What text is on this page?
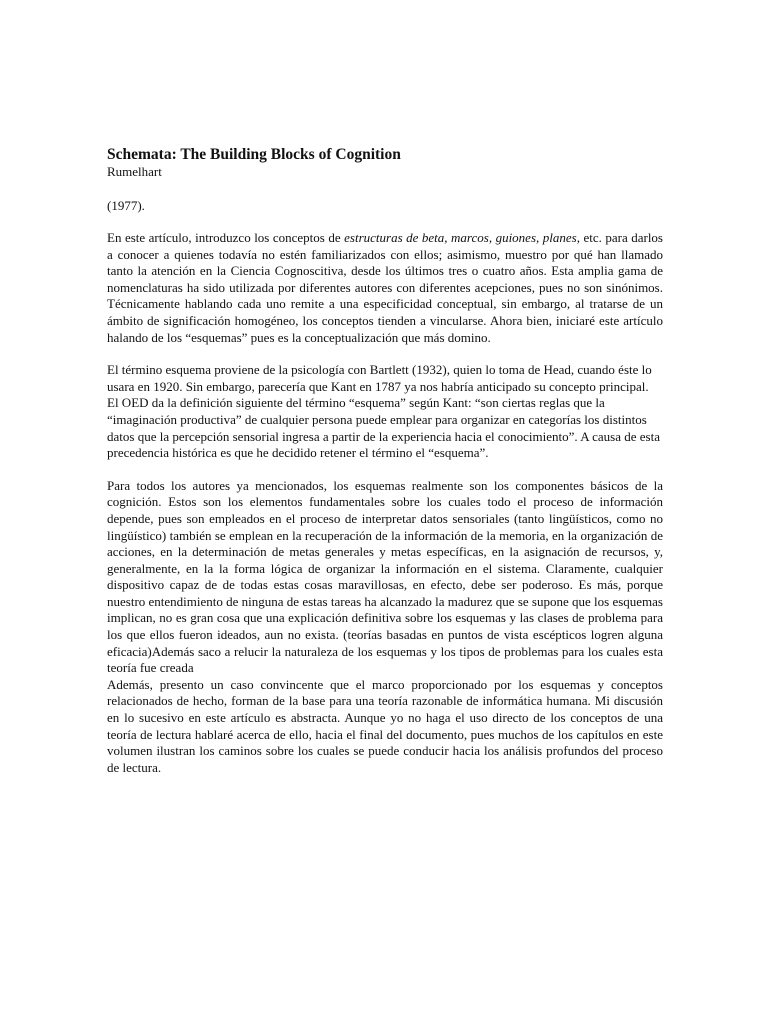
Schemata: The Building Blocks of Cognition
Rumelhart
(1977).

En este artículo, introduzco los conceptos de estructuras de beta, marcos, guiones, planes, etc. para darlos a conocer a quienes todavía no estén familiarizados con ellos; asimismo, muestro por qué han llamado tanto la atención en la Ciencia Cognoscitiva, desde los últimos tres o cuatro años. Esta amplia gama de nomenclaturas ha sido utilizada por diferentes autores con diferentes acepciones, pues no son sinónimos. Técnicamente hablando cada uno remite a una especificidad conceptual, sin embargo, al tratarse de un ámbito de significación homogéneo, los conceptos tienden a vincularse. Ahora bien, iniciaré este artículo halando de los “esquemas” pues es la conceptualización que más domino.

El término esquema proviene de la psicología con Bartlett (1932), quien lo toma de Head, cuando éste lo usara en 1920. Sin embargo, parecería que Kant en 1787 ya nos habría anticipado su concepto principal. El OED da la definición siguiente del término “esquema” según Kant: “son ciertas reglas que la “imaginación productiva” de cualquier persona puede emplear para organizar en categorías los distintos datos que la percepción sensorial ingresa a partir de la experiencia hacia el conocimiento”. A causa de esta precedencia histórica es que he decidido retener el término el “esquema”.

Para todos los autores ya mencionados, los esquemas realmente son los componentes básicos de la cognición. Estos son los elementos fundamentales sobre los cuales todo el proceso de información depende, pues son empleados en el proceso de interpretar datos sensoriales (tanto lingüísticos, como no lingüístico) también se emplean en la recuperación de la información de la memoria, en la organización de acciones, en la determinación de metas generales y metas específicas, en la asignación de recursos, y, generalmente, en la la forma lógica de organizar la información en el sistema. Claramente, cualquier dispositivo capaz de de todas estas cosas maravillosas, en efecto, debe ser poderoso. Es más, porque nuestro entendimiento de ninguna de estas tareas ha alcanzado la madurez que se supone que los esquemas implican, no es gran cosa que una explicación definitiva sobre los esquemas y las clases de problema para los que ellos fueron ideados, aun no exista. (teorías basadas en puntos de vista escépticos logren alguna eficacia)Además saco a relucir la naturaleza de los esquemas y los tipos de problemas para los cuales esta teoría fue creada

Además, presento un caso convincente que el marco proporcionado por los esquemas y conceptos relacionados de hecho, forman de la base para una teoría razonable de informática humana. Mi discusión en lo sucesivo en este artículo es abstracta. Aunque yo no haga el uso directo de los conceptos de una teoría de lectura hablaré acerca de ello, hacia el final del documento, pues muchos de los capítulos en este volumen ilustran los caminos sobre los cuales se puede conducir hacia los análisis profundos del proceso de lectura.
